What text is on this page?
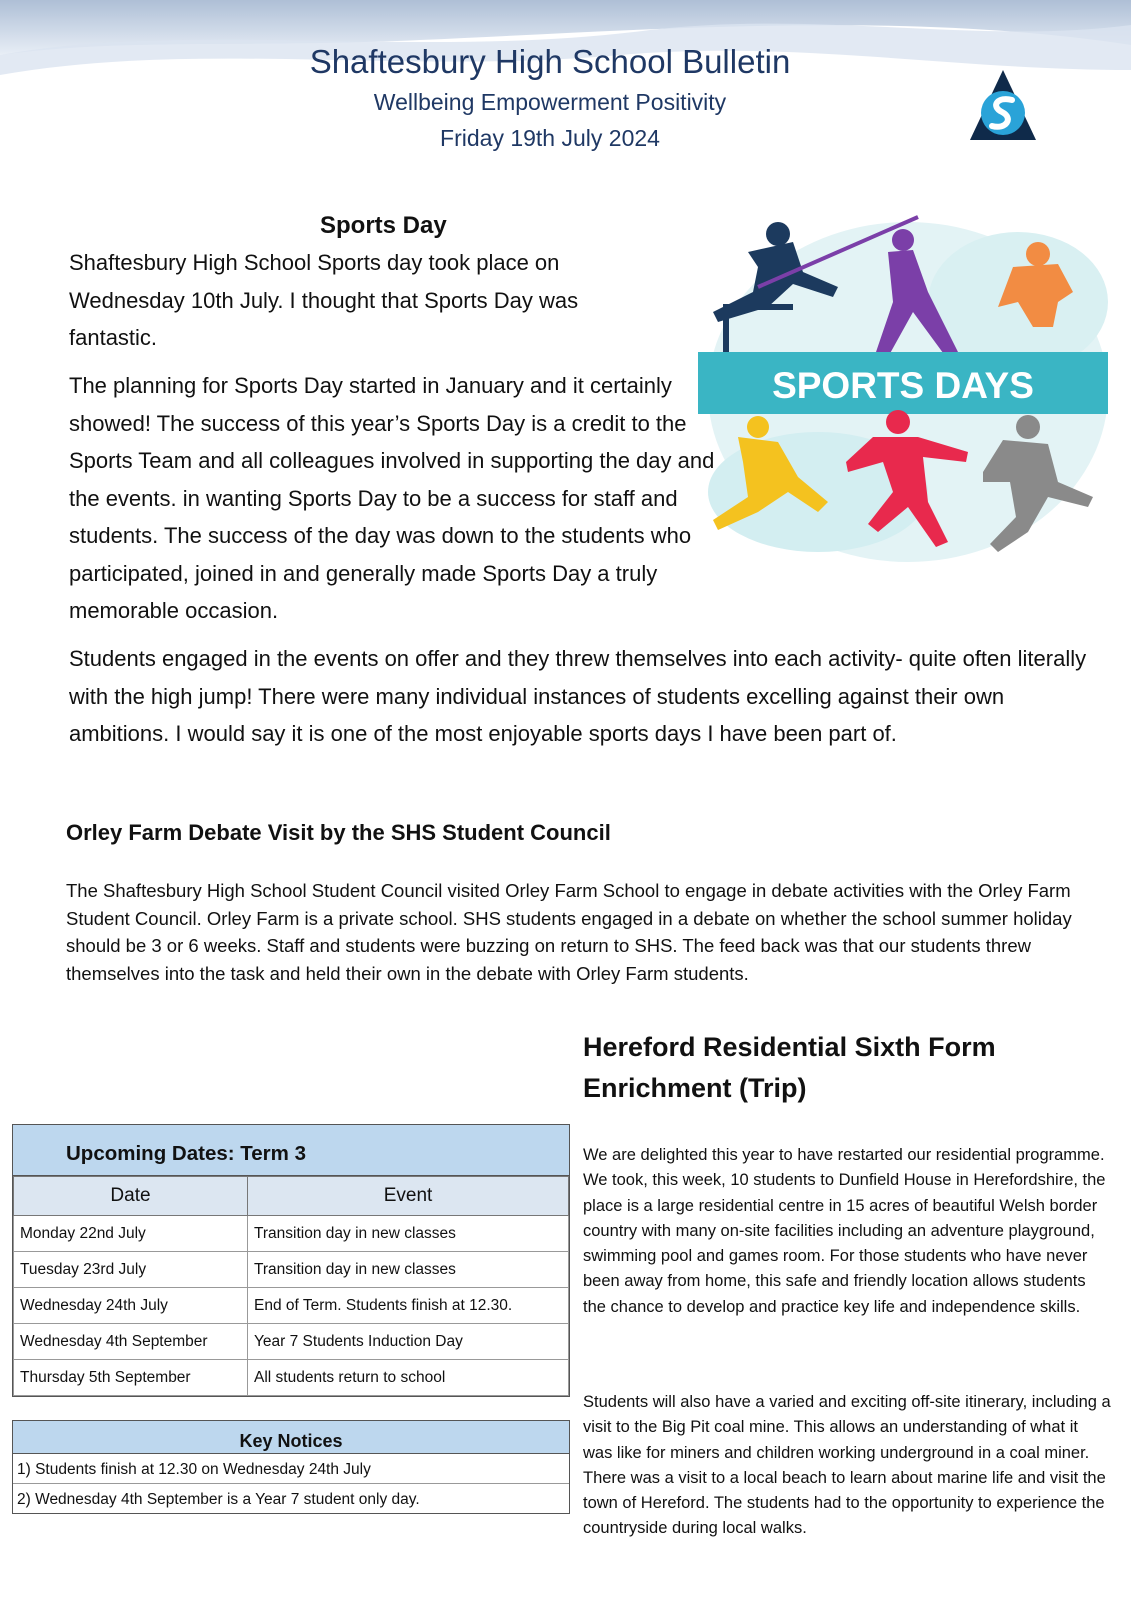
Shaftesbury High School Bulletin
Wellbeing Empowerment Positivity
Friday 19th July 2024
Sports Day
Shaftesbury High School Sports day took place on Wednesday 10th July. I thought that Sports Day was fantastic.
The planning for Sports Day started in January and it certainly showed! The success of this year’s Sports Day is a credit to the Sports Team and all colleagues involved in supporting the day and the events. in wanting Sports Day to be a success for staff and students. The success of the day was down to the students who participated, joined in and generally made Sports Day a truly memorable occasion.
Students engaged in the events on offer and they threw themselves into each activity- quite often literally with the high jump! There were many individual instances of students excelling against their own ambitions. I would say it is one of the most enjoyable sports days I have been part of.
SPORTS DAYS
Orley Farm Debate Visit by the SHS Student Council
The Shaftesbury High School Student Council visited Orley Farm School to engage in debate activities with the Orley Farm Student Council. Orley Farm is a private school. SHS students engaged in a debate on whether the school summer holiday should be 3 or 6 weeks. Staff and students were buzzing on return to SHS. The feed back was that our students threw themselves into the task and held their own in the debate with Orley Farm students.
Hereford Residential Sixth Form Enrichment (Trip)
We are delighted this year to have restarted our residential programme. We took, this week, 10 students to Dunfield House in Herefordshire, the place is a large residential centre in 15 acres of beautiful Welsh border country with many on-site facilities including an adventure playground, swimming pool and games room. For those students who have never been away from home, this safe and friendly location allows students the chance to develop and practice key life and independence skills.
Students will also have a varied and exciting off-site itinerary, including a visit to the Big Pit coal mine. This allows an understanding of what it was like for miners and children working underground in a coal miner. There was a visit to a local beach to learn about marine life and visit the town of Hereford. The students had to the opportunity to experience the countryside during local walks.
Upcoming Dates: Term 3
Date	Event
Monday 22nd July	Transition day in new classes
Tuesday 23rd July	Transition day in new classes
Wednesday 24th July	End of Term. Students finish at 12.30.
Wednesday 4th September	Year 7 Students Induction Day
Thursday 5th September	All students return to school
Key Notices
1) Students finish at 12.30 on Wednesday 24th July
2) Wednesday 4th September is a Year 7 student only day.
